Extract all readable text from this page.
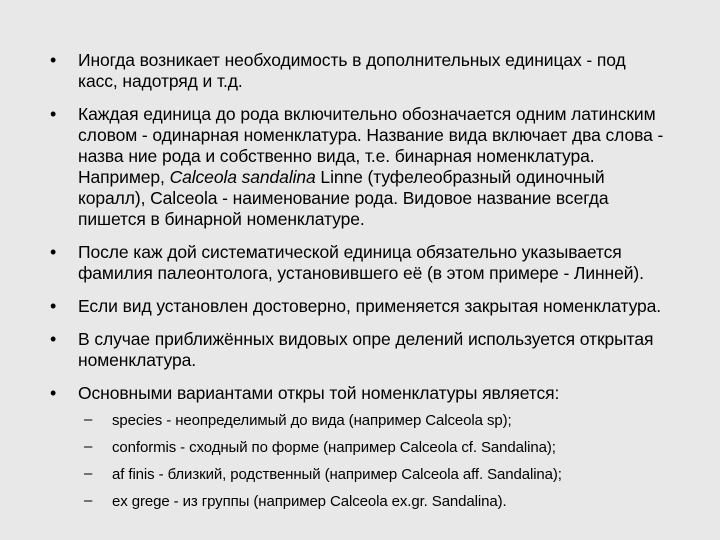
• Иногда возникает необходимость в дополнительных единицах - под касс, надотряд и т.д.
• Каждая единица до рода включительно обозначается одним латинским словом - одинарная номенклатура. Название вида включает два слова - назва ние рода и собственно вида, т.е. бинарная номенклатура. Например, Calceola sandalina Linne (туфелеобразный одиночный коралл), Calceola - наименование рода. Видовое название всегда пишется в бинарной номенклатуре.
• После каж дой систематической единица обязательно указывается фамилия палеонтолога, установившего её (в этом примере - Линней).
• Если вид установлен достоверно, применяется закрытая номенклатура.
• В случае приближённых видовых опре делений используется открытая номенклатура.
• Основными вариантами откры той номенклатуры является:
– species - неопределимый до вида (например Calceola sp);
– conformis - сходный по форме (например Calceola cf. Sandalina);
– af finis - близкий, родственный (например Calceola aff. Sandalina);
– ex grege - из группы (например Calceola ex.gr. Sandalina).
